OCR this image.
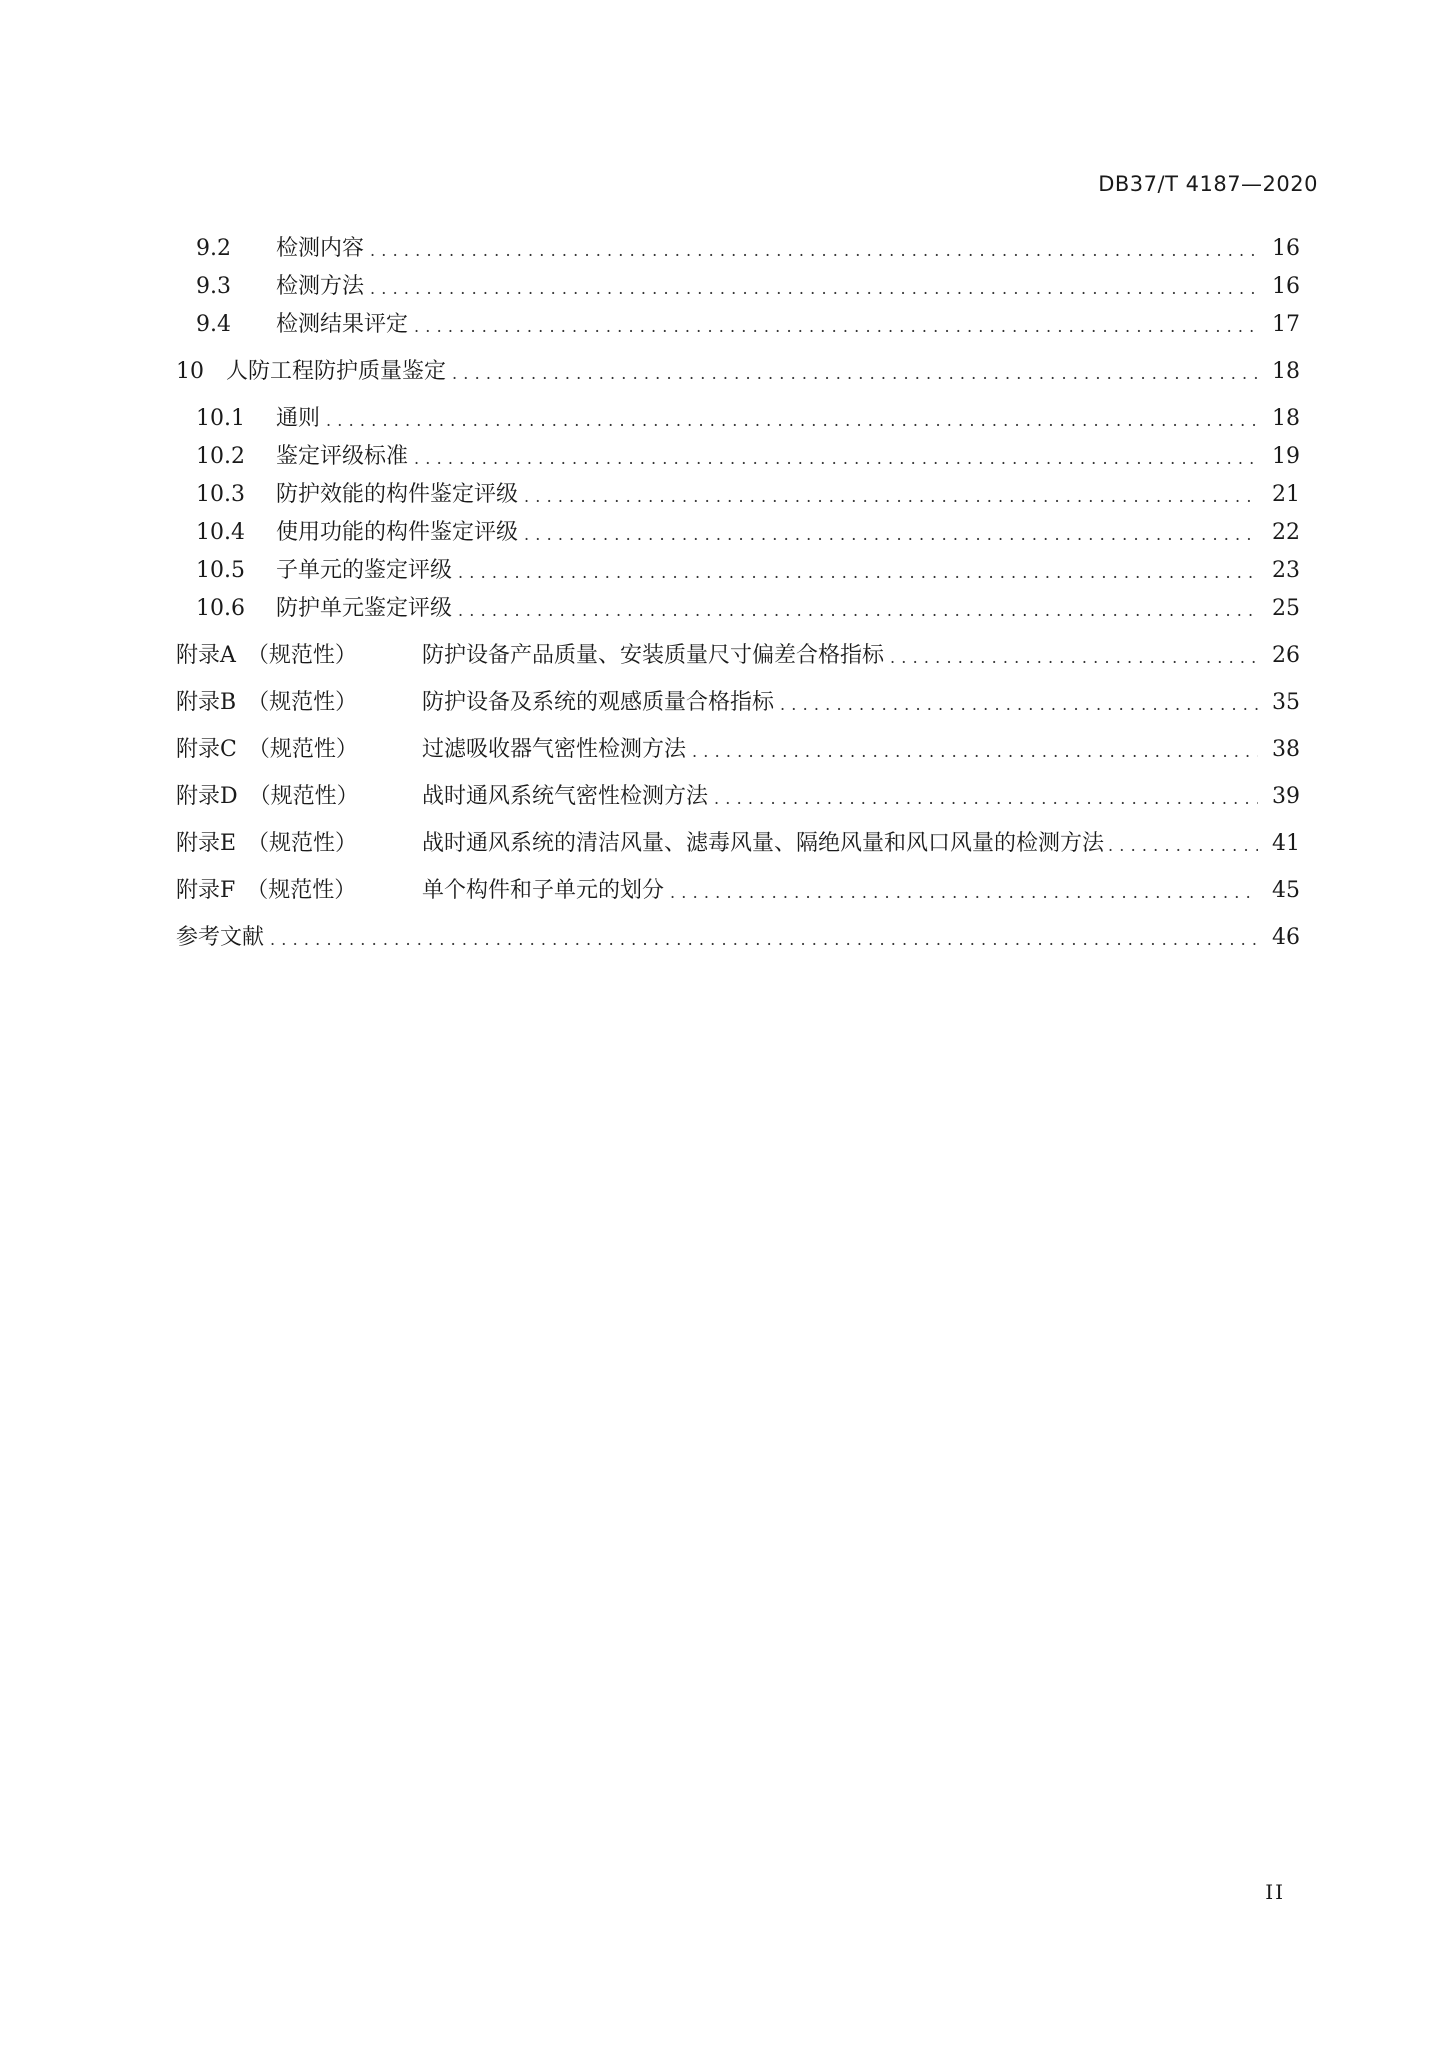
DB37/T 4187—2020
9.2	检测内容 .....	16
9.3	检测方法 .....	16
9.4	检测结果评定 .....	17
10	人防工程防护质量鉴定 .....	18
10.1	通则 .....	18
10.2	鉴定评级标准 .....	19
10.3	防护效能的构件鉴定评级 .....	21
10.4	使用功能的构件鉴定评级 .....	22
10.5	子单元的鉴定评级 .....	23
10.6	防护单元鉴定评级 .....	25
附录A　（规范性）	防护设备产品质量、安装质量尺寸偏差合格指标 .....	26
附录B　（规范性）	防护设备及系统的观感质量合格指标 .....	35
附录C　（规范性）	过滤吸收器气密性检测方法 .....	38
附录D　（规范性）	战时通风系统气密性检测方法 .....	39
附录E　（规范性）	战时通风系统的清洁风量、滤毒风量、隔绝风量和风口风量的检测方法 .....	41
附录F　（规范性）	单个构件和子单元的划分 .....	45
参考文献 .....	46
II
